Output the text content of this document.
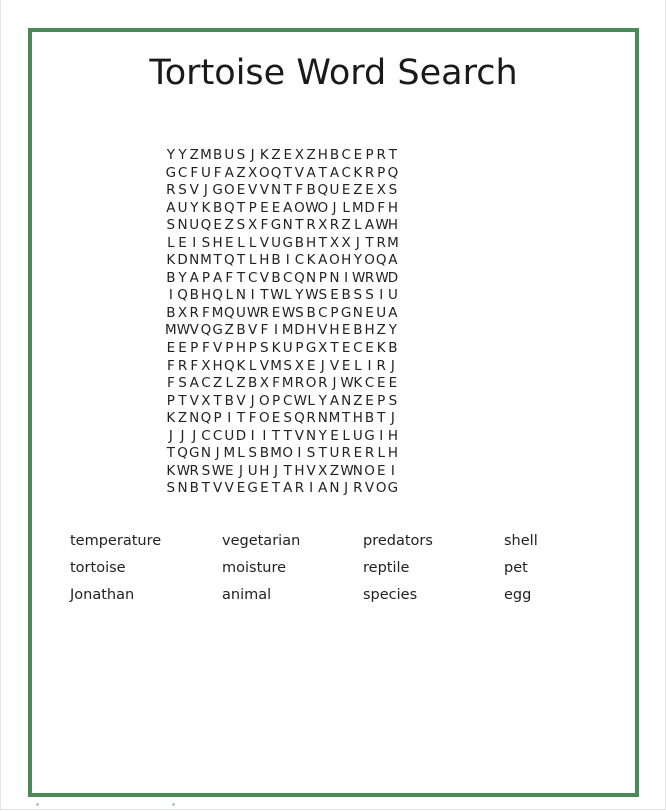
Tortoise Word Search
Y Y ZMB U S J K Z E X Z H B C E P R T
G C F U F A Z X OQ T V A T A C K R P Q
R S V J GO E V V N T F B QU E Z E X S
A U Y K B Q T P E E A OWO J L MD F H
S N UQ E Z S X F GN T R X R Z L AWH
L E I S H E L L V U G B H T X X J T RM
K DNM T Q T L H B I C K A OH Y OQ A
B Y A P A F T C V B C QN P N I WRWD
I Q B HQ L N I T WL Y WS E B S S I U
B X R F MQUWR E WS B C P GN E U A
MWV QG Z B V F I MDH V H E B H Z Y
E E P F V P H P S K U P G X T E C E K B
F R F X HQ K L VM S X E J V E L I R J
F S A C Z L Z B X F MR O R J WK C E E
P T V X T B V J O P CWL Y A N Z E P S
K Z NQ P I T F O E S Q R NM T H B T J
J J J C C U D I I T T V N Y E L U G I H
T QGN J M L S BMO I S T U R E R L H
KWR S WE J U H J T H V X ZWNO E I
S N B T V V E G E T A R I A N J R V OG
temperature	vegetarian	predators	shell
tortoise	moisture	reptile	pet
Jonathan	animal	species	egg
